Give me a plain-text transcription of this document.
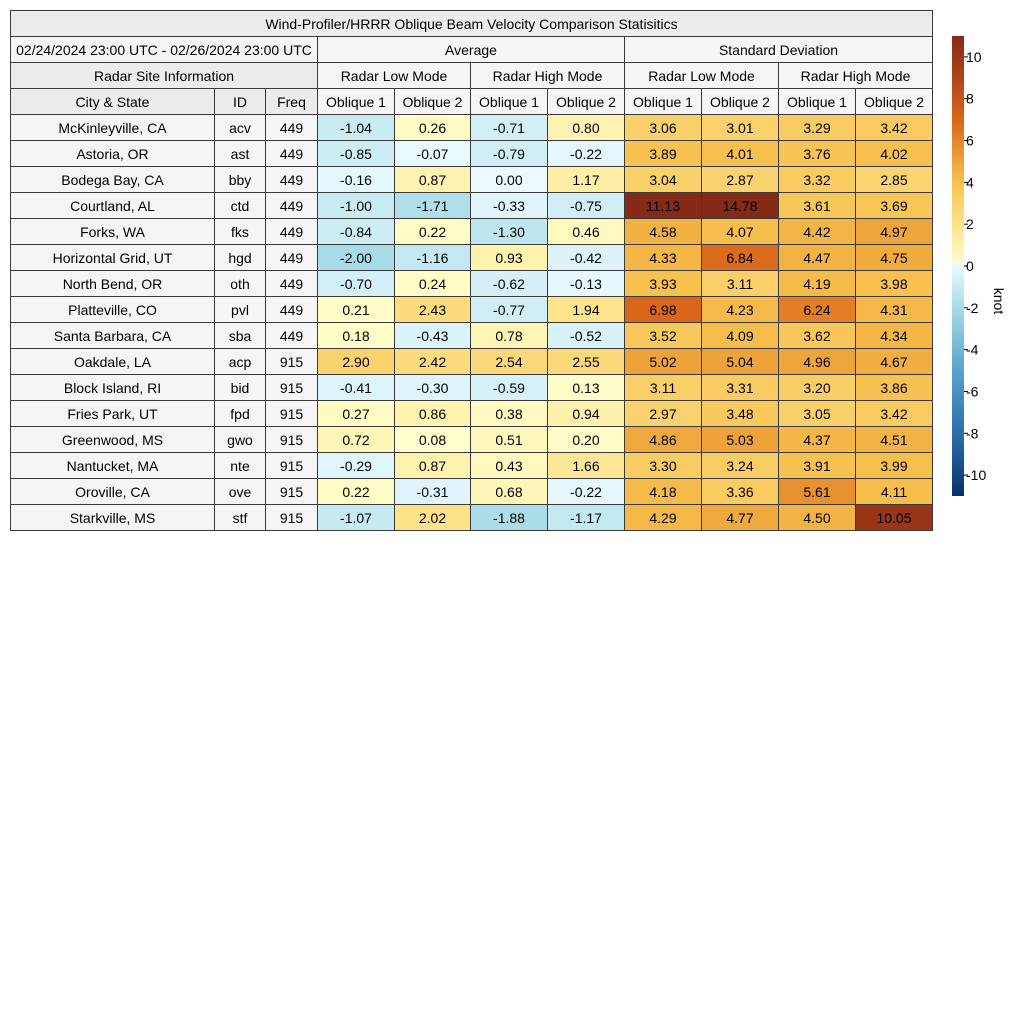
Wind-Profiler/HRRR Oblique Beam Velocity Comparison Statisitics										
02/24/2024 23:00 UTC - 02/26/2024 23:00 UTC			Average				Standard Deviation			
Radar Site Information			Radar Low Mode		Radar High Mode		Radar Low Mode		Radar High Mode	
City & State	ID	Freq	Oblique 1	Oblique 2	Oblique 1	Oblique 2	Oblique 1	Oblique 2	Oblique 1	Oblique 2
McKinleyville, CA	acv	449	-1.04	0.26	-0.71	0.80	3.06	3.01	3.29	3.42
Astoria, OR	ast	449	-0.85	-0.07	-0.79	-0.22	3.89	4.01	3.76	4.02
Bodega Bay, CA	bby	449	-0.16	0.87	0.00	1.17	3.04	2.87	3.32	2.85
Courtland, AL	ctd	449	-1.00	-1.71	-0.33	-0.75	11.13	14.78	3.61	3.69
Forks, WA	fks	449	-0.84	0.22	-1.30	0.46	4.58	4.07	4.42	4.97
Horizontal Grid, UT	hgd	449	-2.00	-1.16	0.93	-0.42	4.33	6.84	4.47	4.75
North Bend, OR	oth	449	-0.70	0.24	-0.62	-0.13	3.93	3.11	4.19	3.98
Platteville, CO	pvl	449	0.21	2.43	-0.77	1.94	6.98	4.23	6.24	4.31
Santa Barbara, CA	sba	449	0.18	-0.43	0.78	-0.52	3.52	4.09	3.62	4.34
Oakdale, LA	acp	915	2.90	2.42	2.54	2.55	5.02	5.04	4.96	4.67
Block Island, RI	bid	915	-0.41	-0.30	-0.59	0.13	3.11	3.31	3.20	3.86
Fries Park, UT	fpd	915	0.27	0.86	0.38	0.94	2.97	3.48	3.05	3.42
Greenwood, MS	gwo	915	0.72	0.08	0.51	0.20	4.86	5.03	4.37	4.51
Nantucket, MA	nte	915	-0.29	0.87	0.43	1.66	3.30	3.24	3.91	3.99
Oroville, CA	ove	915	0.22	-0.31	0.68	-0.22	4.18	3.36	5.61	4.11
Starkville, MS	stf	915	-1.07	2.02	-1.88	-1.17	4.29	4.77	4.50	10.05
10
8
6
4
2
0
-2
-4
-6
-8
-10
knot
